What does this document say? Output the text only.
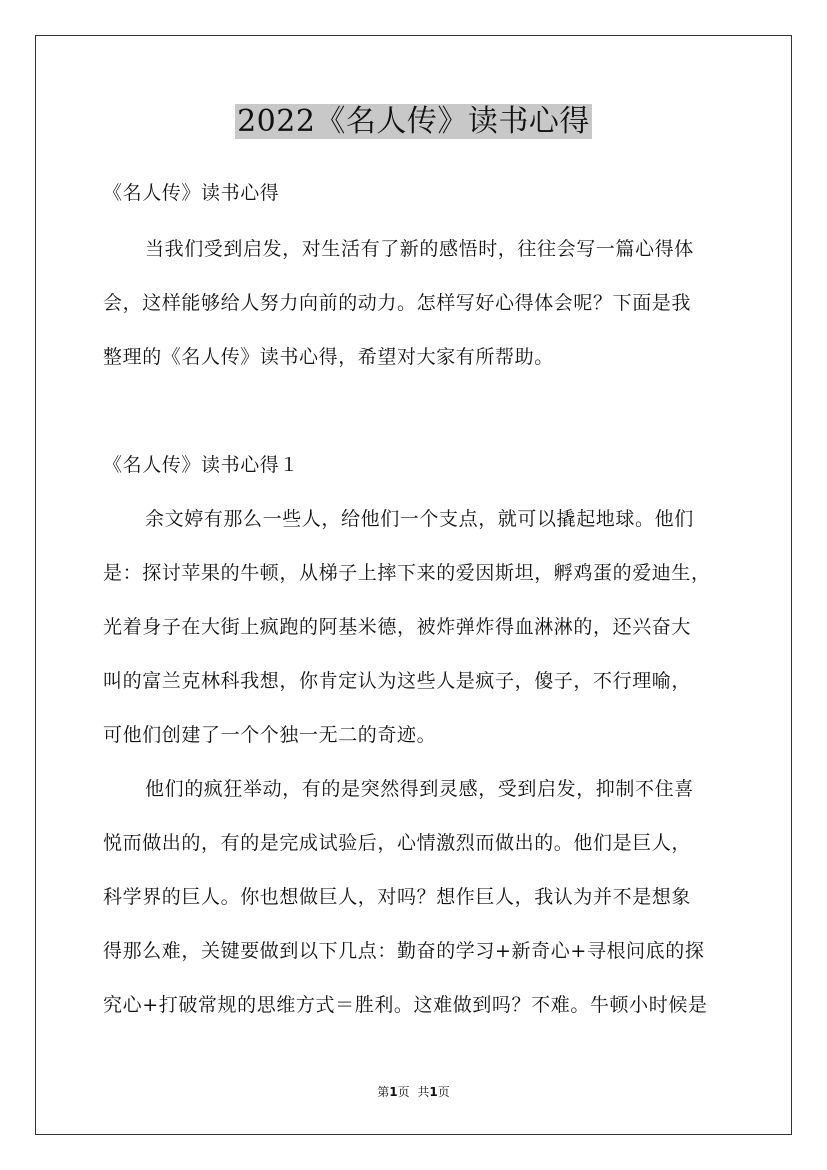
2022《名人传》读书心得
《名人传》读书心得
当我们受到启发，对生活有了新的感悟时，往往会写一篇心得体
会，这样能够给人努力向前的动力。怎样写好心得体会呢？下面是我
整理的《名人传》读书心得，希望对大家有所帮助。
《名人传》读书心得１
余文婷有那么一些人，给他们一个支点，就可以撬起地球。他们
是：探讨苹果的牛顿，从梯子上摔下来的爱因斯坦，孵鸡蛋的爱迪生，
光着身子在大街上疯跑的阿基米德，被炸弹炸得血淋淋的，还兴奋大
叫的富兰克林科我想，你肯定认为这些人是疯子，傻子，不行理喻，
可他们创建了一个个独一无二的奇迹。
他们的疯狂举动，有的是突然得到灵感，受到启发，抑制不住喜
悦而做出的，有的是完成试验后，心情激烈而做出的。他们是巨人，
科学界的巨人。你也想做巨人，对吗？想作巨人，我认为并不是想象
得那么难，关键要做到以下几点：勤奋的学习+新奇心+寻根问底的探
究心+打破常规的思维方式＝胜利。这难做到吗？不难。牛顿小时候是
第1页 共1页
